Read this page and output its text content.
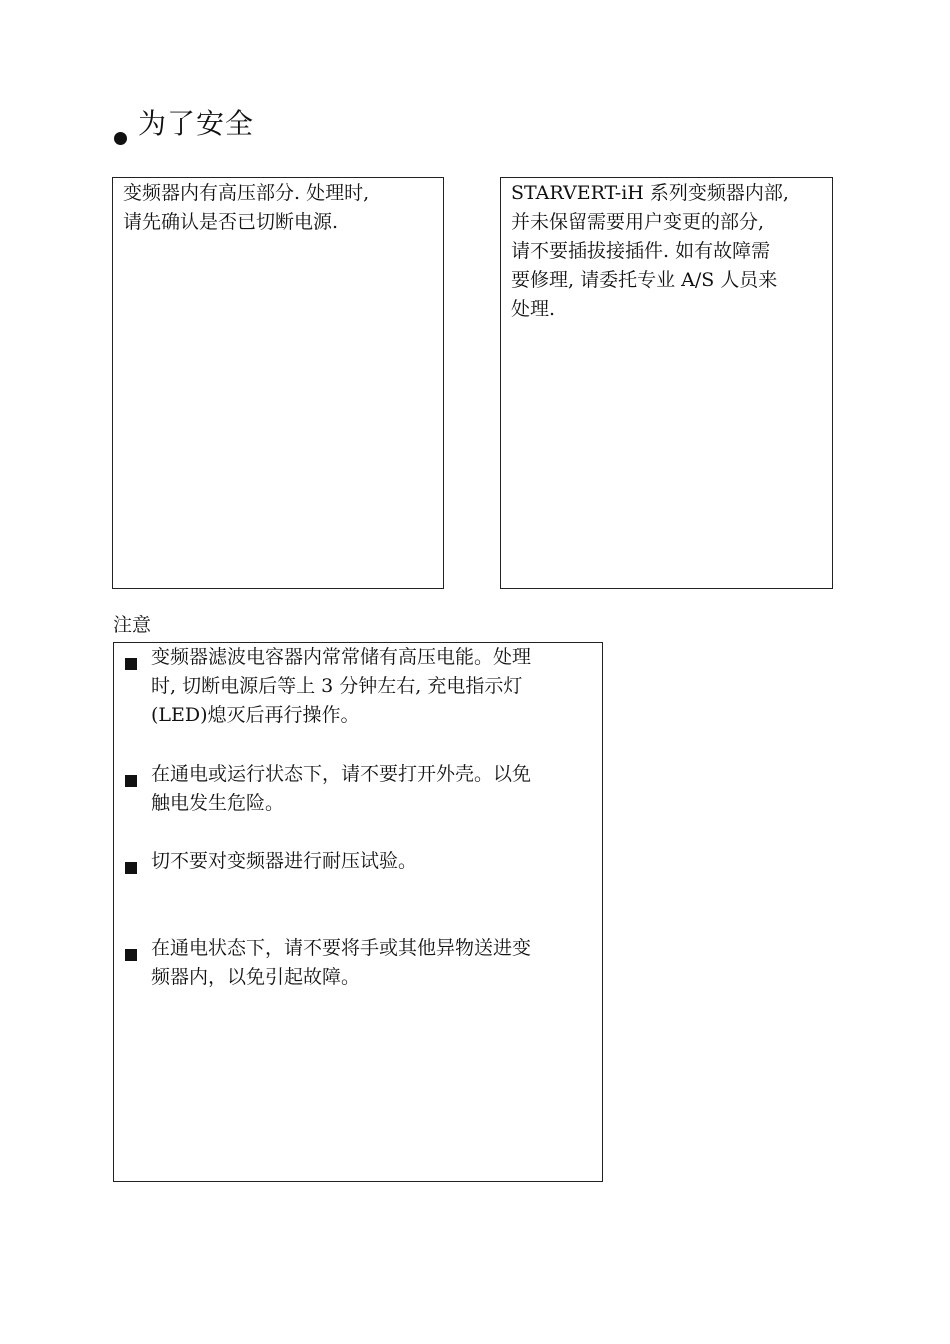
为了安全
变频器内有高压部分. 处理时,
请先确认是否已切断电源.
STARVERT-iH 系列变频器内部,
并未保留需要用户变更的部分,
请不要插拔接插件. 如有故障需
要修理, 请委托专业 A/S 人员来
处理.
注意
变频器滤波电容器内常常储有高压电能。处理
时, 切断电源后等上 3 分钟左右, 充电指示灯
(LED)熄灭后再行操作。
在通电或运行状态下，请不要打开外壳。以免
触电发生危险。
切不要对变频器进行耐压试验。
在通电状态下，请不要将手或其他异物送进变
频器内，以免引起故障。
